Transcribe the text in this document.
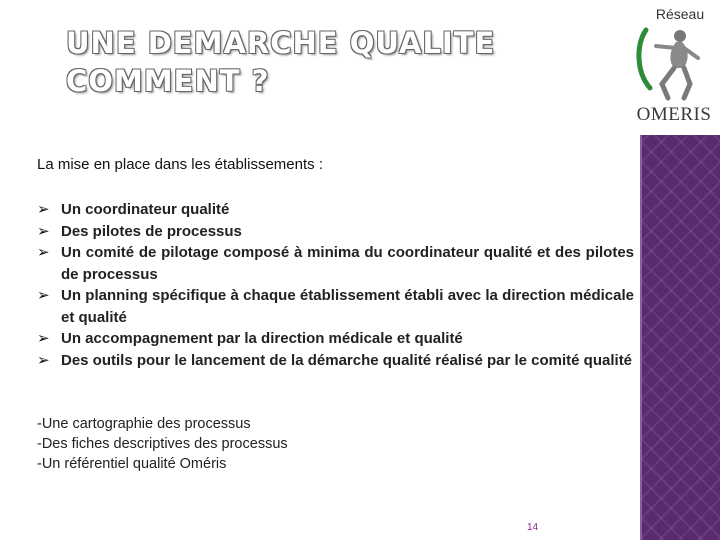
UNE DEMARCHE QUALITE
COMMENT ?
Réseau
OMERIS
La mise en place dans les établissements :
➢ Un coordinateur qualité
➢ Des pilotes de processus
➢ Un comité de pilotage composé à minima du coordinateur qualité et des pilotes de processus
➢ Un planning spécifique à chaque établissement établi avec la direction médicale et qualité
➢ Un accompagnement par la direction médicale et qualité
➢ Des outils pour le lancement de la démarche qualité réalisé par le comité qualité
-Une cartographie des processus
-Des fiches descriptives des processus
-Un référentiel qualité Oméris
14
